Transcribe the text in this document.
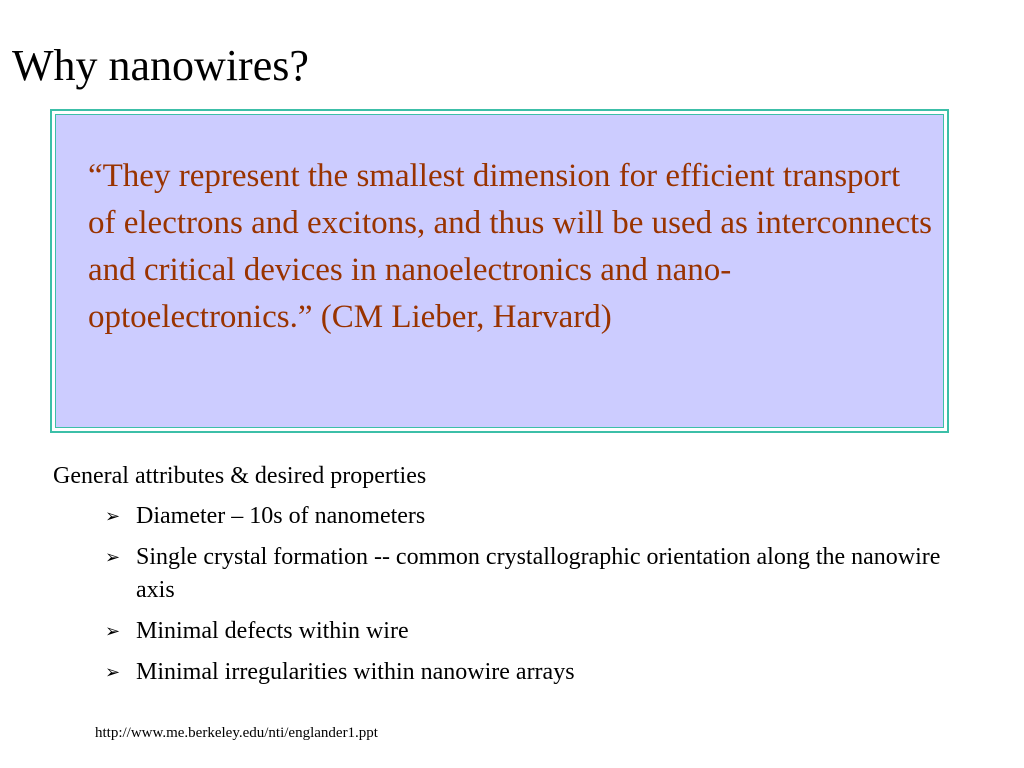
Why nanowires?
“They represent the smallest dimension for efficient transport of electrons and excitons, and thus will be used as interconnects and critical devices in nanoelectronics and nano-optoelectronics.” (CM Lieber, Harvard)

General attributes & desired properties

➢ Diameter – 10s of nanometers
➢ Single crystal formation -- common crystallographic orientation along the nanowire axis
➢ Minimal defects within wire
➢ Minimal irregularities within nanowire arrays
http://www.me.berkeley.edu/nti/englander1.ppt
